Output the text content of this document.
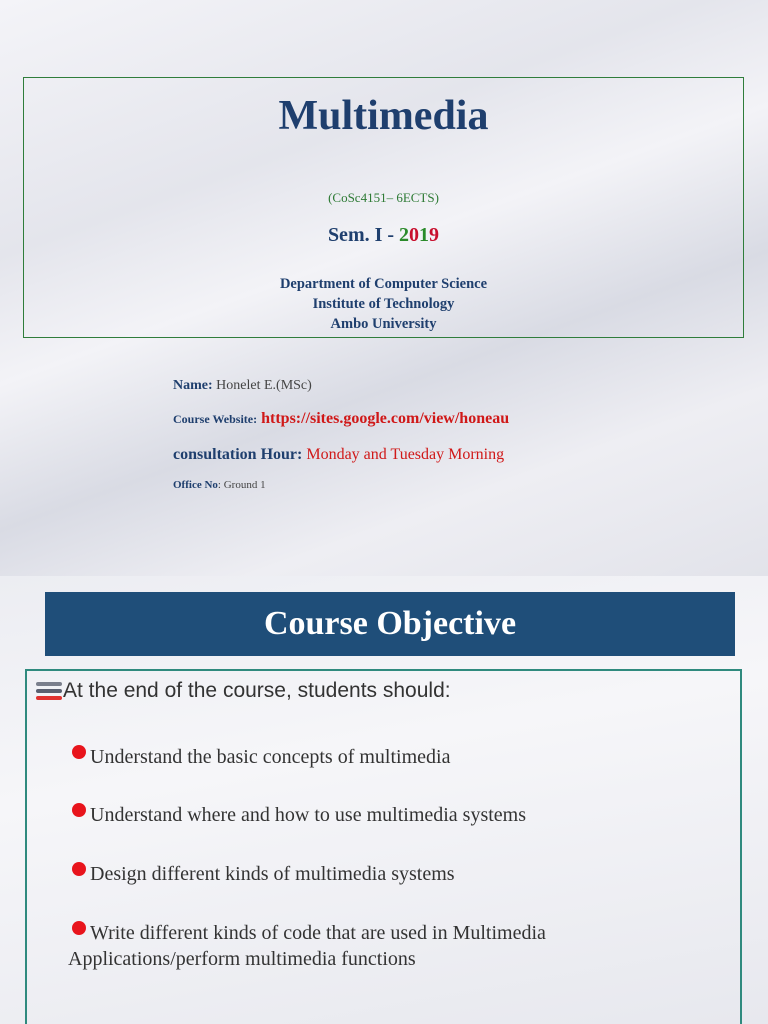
Multimedia
(CoSc4151– 6ECTS)
Sem. I - 2019
Department of Computer Science
Institute of Technology
Ambo University
Name: Honelet E.(MSc)
Course Website: https://sites.google.com/view/honeau
consultation Hour: Monday and Tuesday Morning
Office No: Ground 1
Course Objective
At the end of the course, students should:
Understand the basic concepts of multimedia
Understand where and how to use multimedia systems
Design different kinds of multimedia systems
Write different kinds of code that are used in Multimedia
Applications/perform multimedia functions
